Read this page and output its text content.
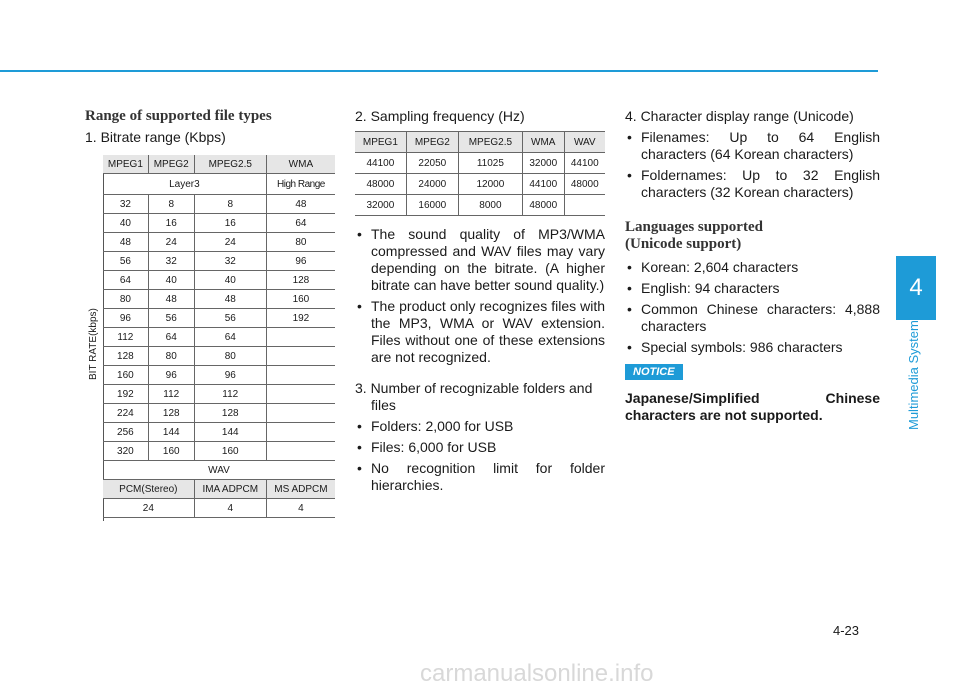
4
Multimedia System
Range of supported file types
1. Bitrate range (Kbps)
BIT RATE(kbps)
MPEG1	MPEG2	MPEG2.5	WMA
Layer3			High Range
32	8	8	48
40	16	16	64
48	24	24	80
56	32	32	96
64	40	40	128
80	48	48	160
96	56	56	192
112	64	64	
128	80	80	
160	96	96	
192	112	112	
224	128	128	
256	144	144	
320	160	160	
WAV			
PCM(Stereo)		IMA ADPCM	MS ADPCM
24		4	4

2. Sampling frequency (Hz)

MPEG1	MPEG2	MPEG2.5	WMA	WAV
44100	22050	11025	32000	44100
48000	24000	12000	44100	48000
32000	16000	8000	48000	
• The sound quality of MP3/WMA compressed and WAV files may vary depending on the bitrate. (A higher bitrate can have better sound quality.)
• The product only recognizes files with the MP3, WMA or WAV extension. Files without one of these extensions are not recognized.

3. Number of recognizable folders and files

• Folders: 2,000 for USB
• Files: 6,000 for USB
• No recognition limit for folder hierarchies.

4. Character display range (Unicode)

• Filenames: Up to 64 English characters (64 Korean characters)
• Foldernames: Up to 32 English characters (32 Korean characters)
Languages supported (Unicode support)
• Korean: 2,604 characters
• English: 94 characters
• Common Chinese characters: 4,888 characters
• Special symbols: 986 characters
NOTICE
Japanese/Simplified Chinese characters are not supported.
4-23
carmanualsonline.info
